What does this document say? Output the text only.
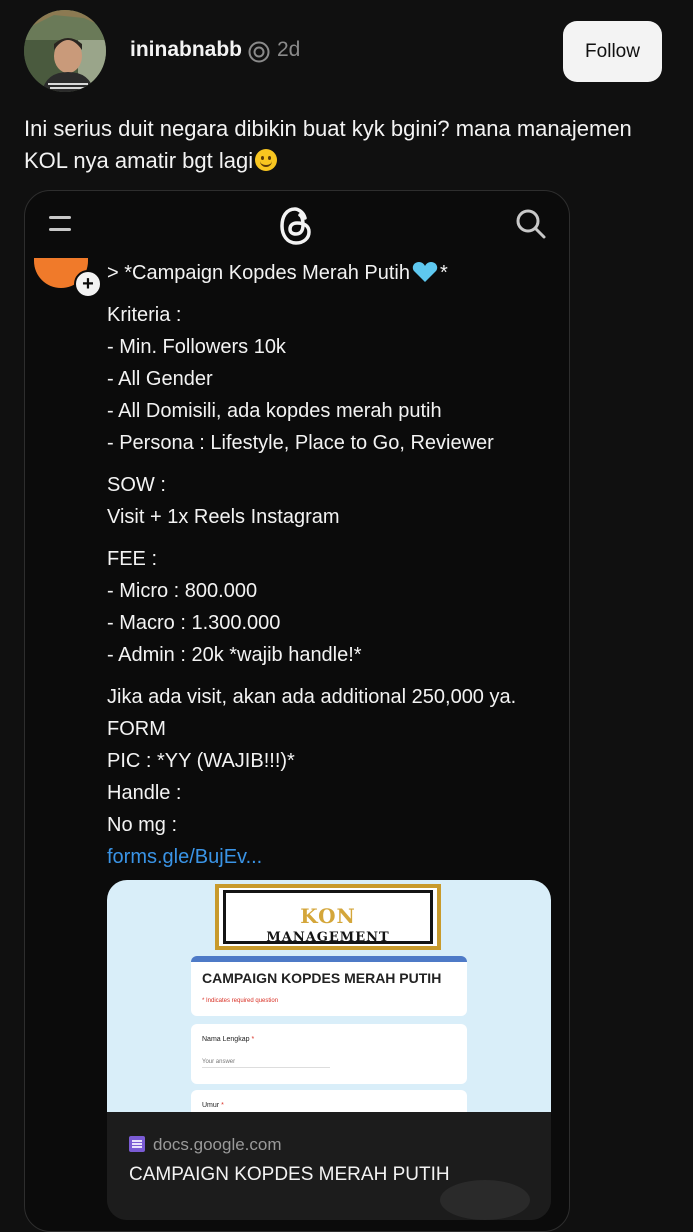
ininabnabb 2d	Follow
Ini serius duit negara dibikin buat kyk bgini? mana manajemen KOL nya amatir bgt lagi
+ > *Campaign Kopdes Merah Putih *
Kriteria :
- Min. Followers 10k
- All Gender
- All Domisili, ada kopdes merah putih
- Persona : Lifestyle, Place to Go, Reviewer
SOW :
Visit + 1x Reels Instagram
FEE :
- Micro : 800.000
- Macro : 1.300.000
- Admin : 20k *wajib handle!*
Jika ada visit, akan ada additional 250,000 ya.
FORM
PIC : *YY (WAJIB!!!)*
Handle :
No mg :
forms.gle/BujEv...
KON
MANAGEMENT
CAMPAIGN KOPDES MERAH PUTIH
* Indicates required question
Nama Lengkap *
Your answer
Umur *
docs.google.com
CAMPAIGN KOPDES MERAH PUTIH
